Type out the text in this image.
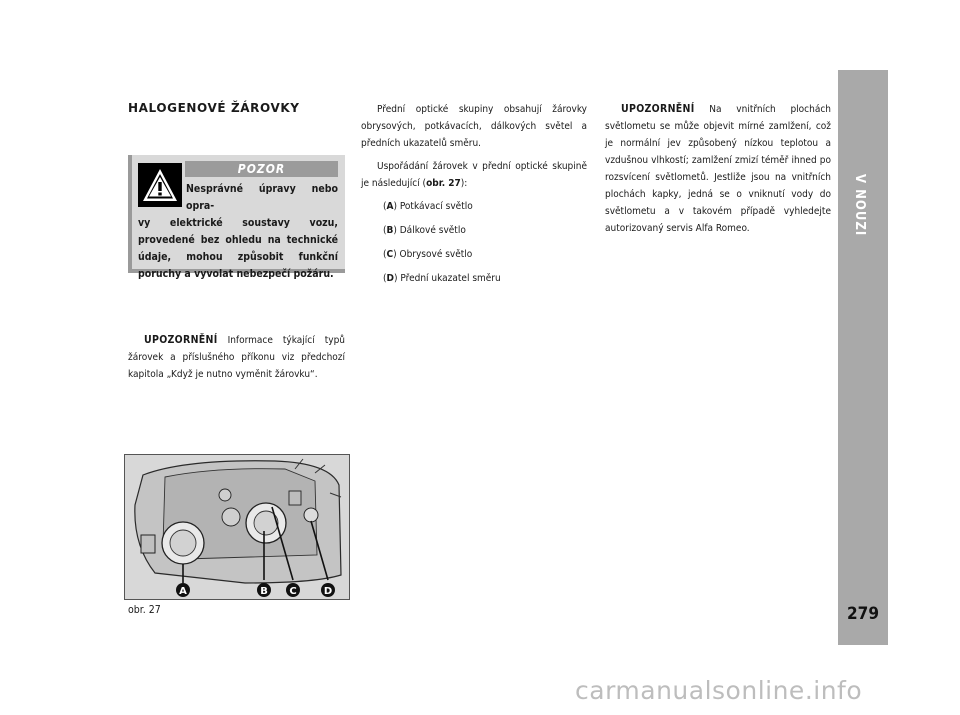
V NOUZI
279
HALOGENOVÉ ŽÁROVKY
POZOR
Nesprávné úpravy nebo opra-
vy elektrické soustavy vozu, provedené bez ohledu na technické údaje, mohou způsobit funkční poruchy a vyvolat nebezpečí požáru.
UPOZORNĚNÍ Informace týkající typů žárovek a příslušného příkonu viz předchozí kapitola „Když je nutno vyměnit žárovku“.

Přední optické skupiny obsahují žárovky obrysových, potkávacích, dálkových světel a předních ukazatelů směru.

Uspořádání žárovek v přední optické skupině je následující (obr. 27):

(A) Potkávací světlo

(B) Dálkové světlo

(C) Obrysové světlo

(D) Přední ukazatel směru

UPOZORNĚNÍ Na vnitřních plochách světlometu se může objevit mírné zamlžení, což je normální jev způsobený nízkou teplotou a vzdušnou vlhkostí; zamlžení zmizí téměř ihned po rozsvícení světlometů. Jestliže jsou na vnitřních plochách kapky, jedná se o vniknutí vody do světlometu a v takovém případě vyhledejte autorizovaný servis Alfa Romeo.
A	B C	D
obr. 27
carmanualsonline.info
